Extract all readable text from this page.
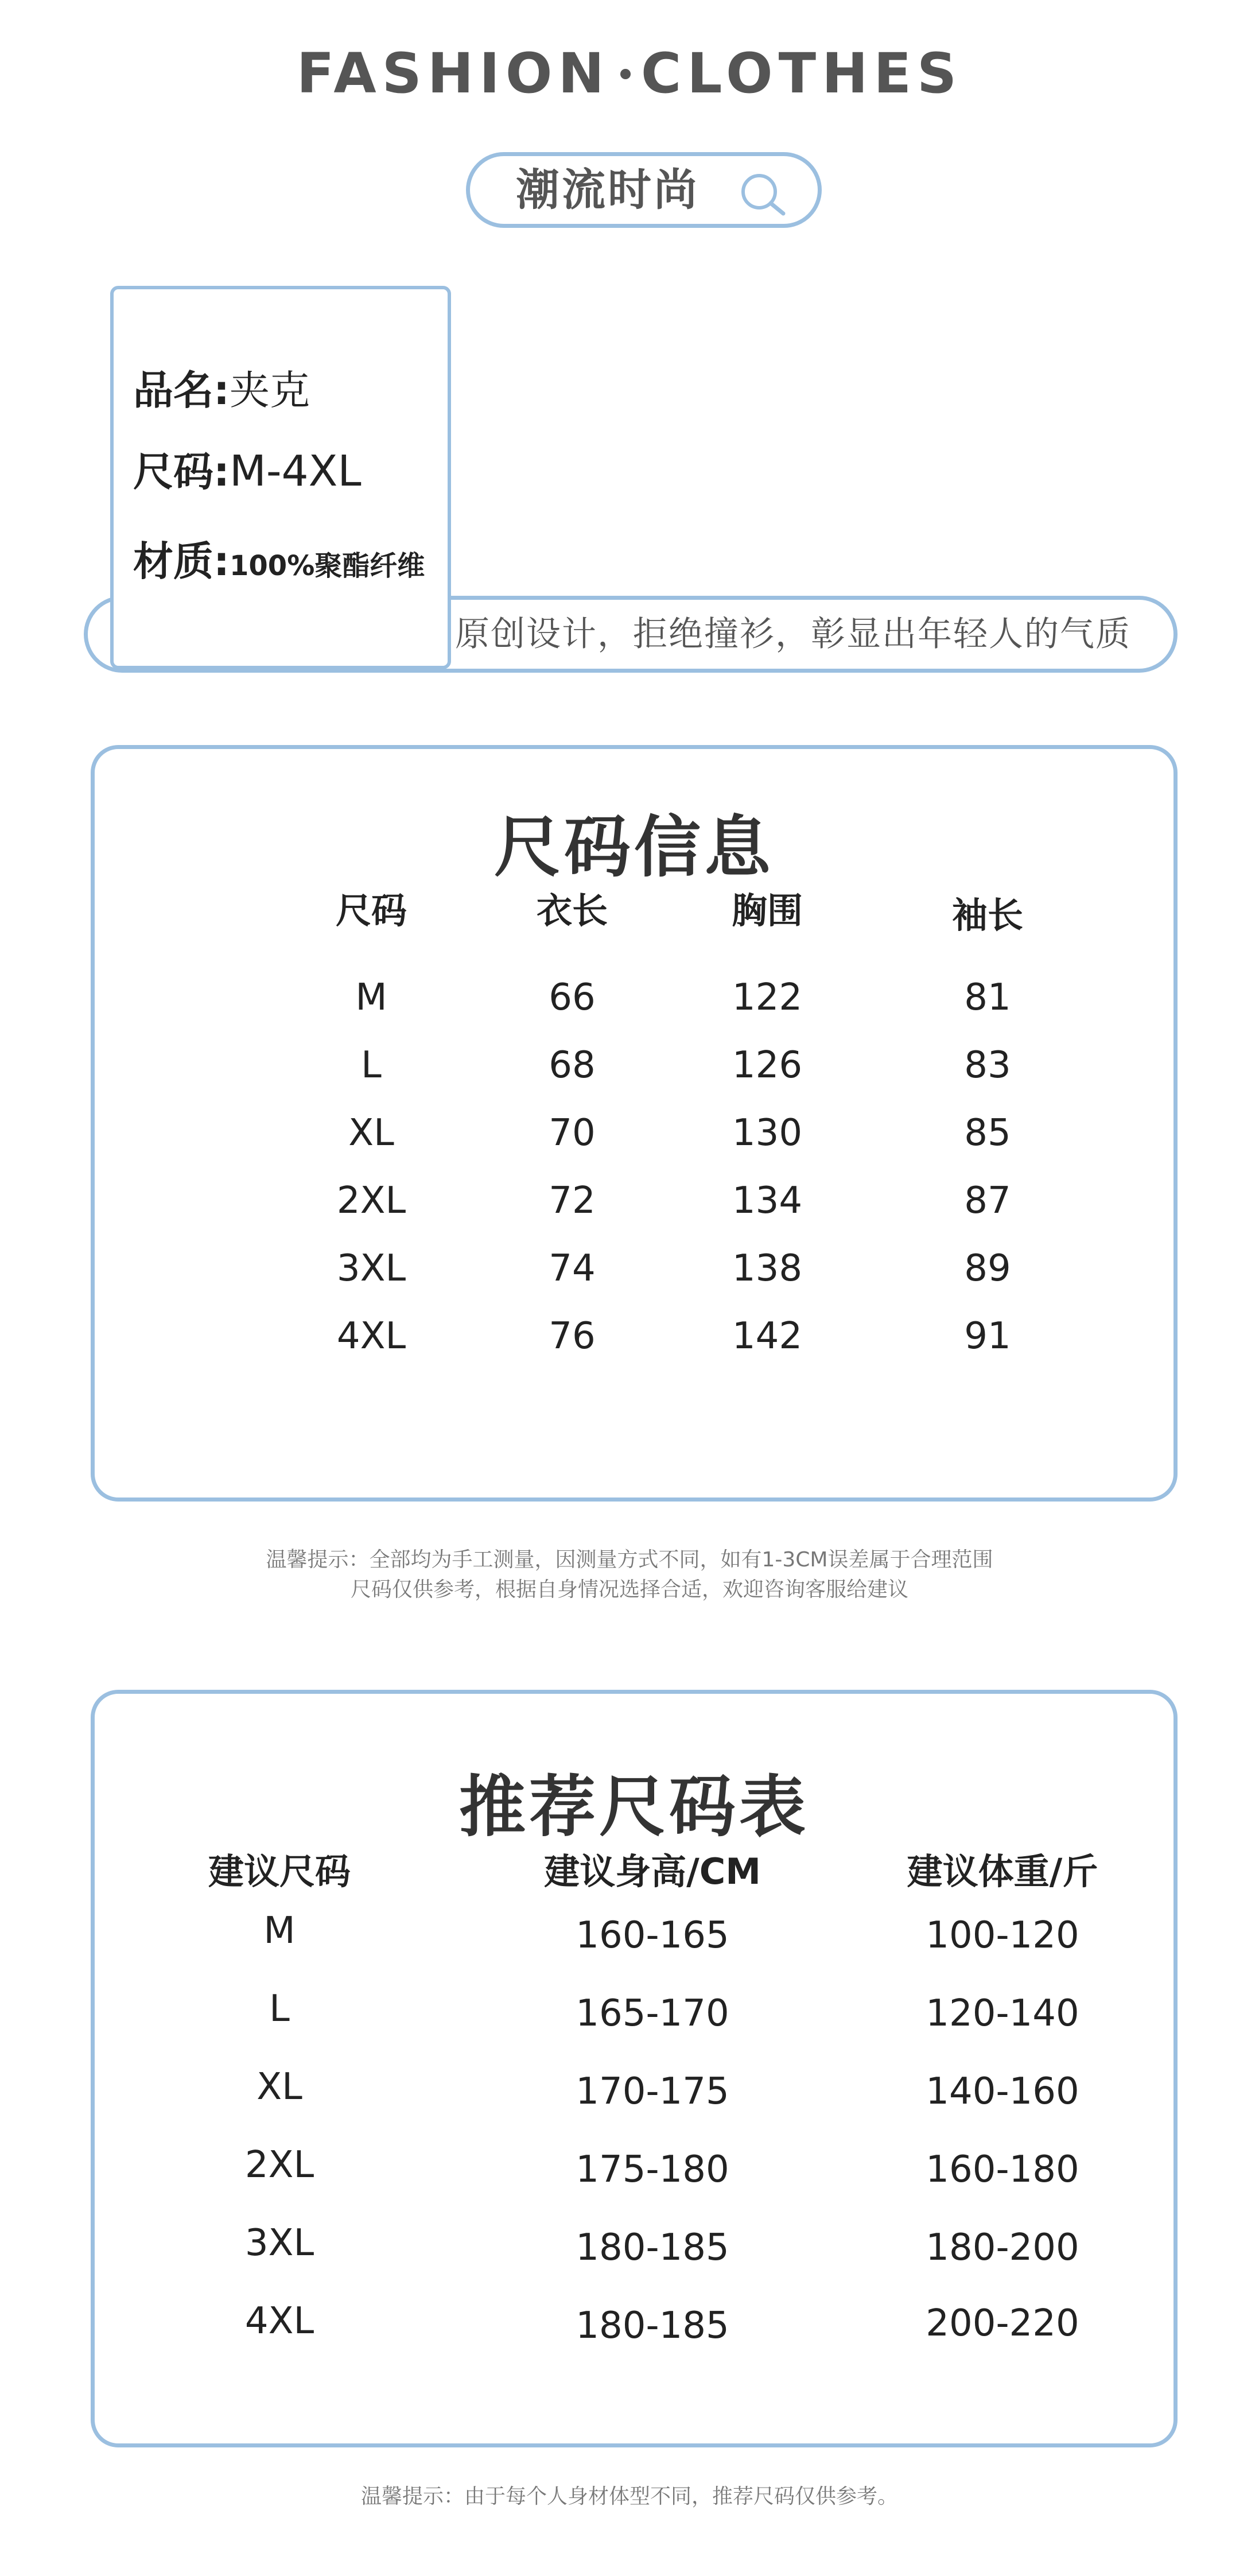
FASHION CLOTHES
潮流时尚
原创设计，拒绝撞衫，彰显出年轻人的气质
品名:夹克
尺码:M-4XL
材质:100%聚酯纤维
尺码信息
尺码	衣长	胸围	袖长
M	66	122	81
L	68	126	83
XL	70	130	85
2XL	72	134	87
3XL	74	138	89
4XL	76	142	91
温馨提示：全部均为手工测量，因测量方式不同，如有1-3CM误差属于合理范围
尺码仅供参考，根据自身情况选择合适，欢迎咨询客服给建议
推荐尺码表
建议尺码	建议身高/CM	建议体重/斤
M	160-165	100-120
L	165-170	120-140
XL	170-175	140-160
2XL	175-180	160-180
3XL	180-185	180-200
4XL	180-185	200-220
温馨提示：由于每个人身材体型不同，推荐尺码仅供参考。
